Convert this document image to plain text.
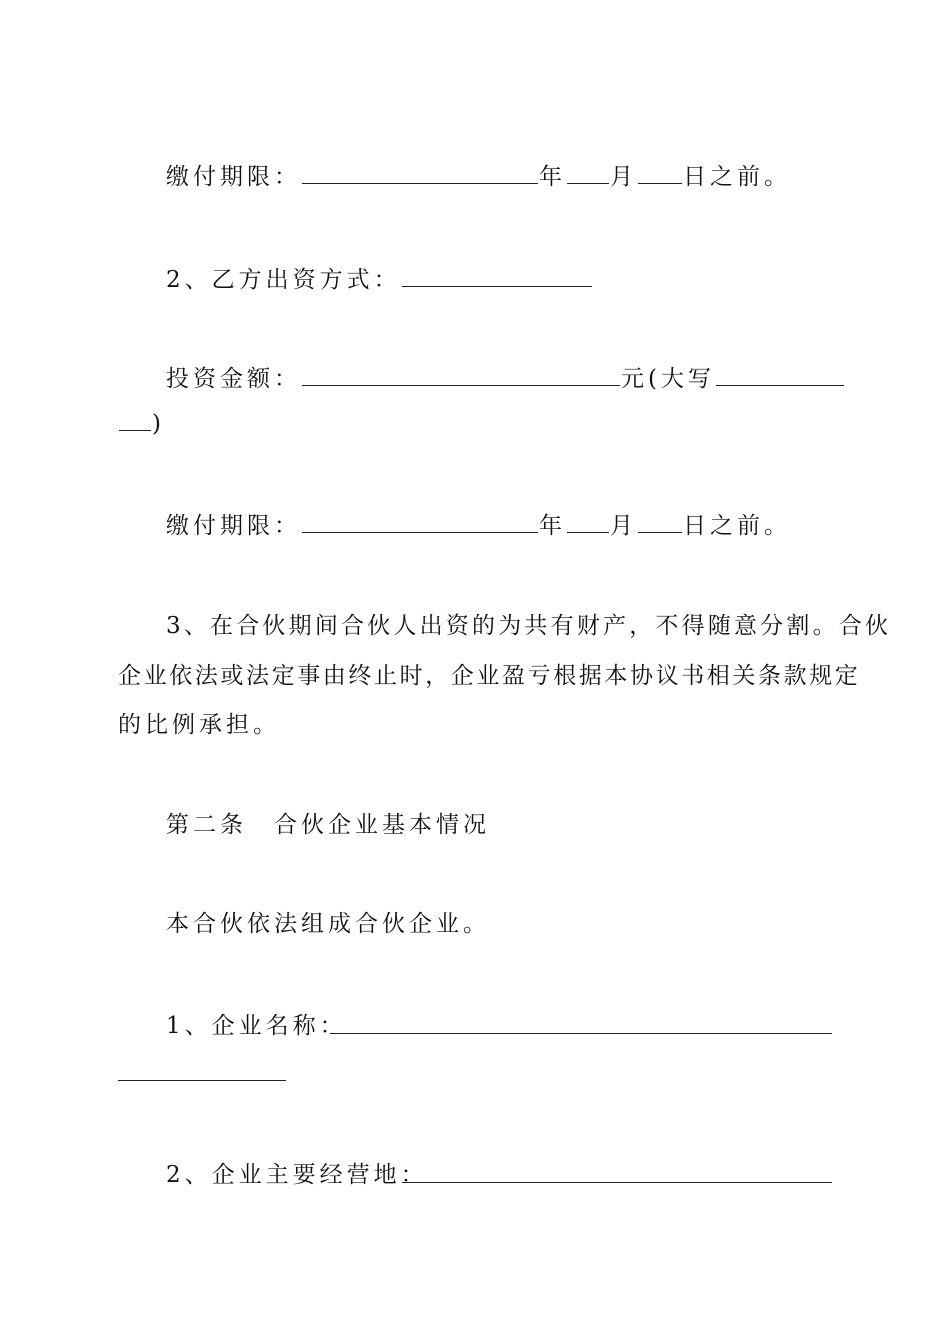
缴付期限：	年 月 日之前。
2、乙方出资方式：
投资金额：	元(大写
)
缴付期限：	年 月 日之前。
3、在合伙期间合伙人出资的为共有财产，不得随意分割。合伙
企业依法或法定事由终止时，企业盈亏根据本协议书相关条款规定
的比例承担。
第二条　合伙企业基本情况
本合伙依法组成合伙企业。
1、企业名称：
2、企业主要经营地：
